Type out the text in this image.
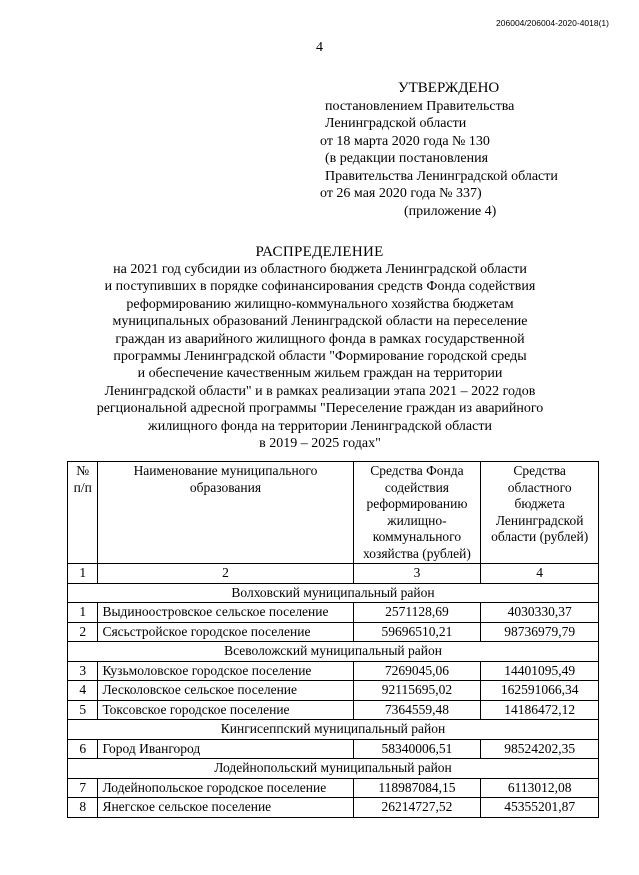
206004/206004-2020-4018(1)
4
УТВЕРЖДЕНО
постановлением Правительства
Ленинградской области
от 18 марта 2020 года № 130
(в редакции постановления
Правительства Ленинградской области
от 26 мая 2020 года № 337)
(приложение 4)
РАСПРЕДЕЛЕНИЕ
на 2021 год субсидии из областного бюджета Ленинградской области
и поступивших в порядке софинансирования средств Фонда содействия
реформированию жилищно-коммунального хозяйства бюджетам
муниципальных образований Ленинградской области на переселение
граждан из аварийного жилищного фонда в рамках государственной
программы Ленинградской области "Формирование городской среды
и обеспечение качественным жильем граждан на территории
Ленинградской области" и в рамках реализации этапа 2021 – 2022 годов
регциональной адресной программы "Переселение граждан из аварийного
жилищного фонда на территории Ленинградской области
в 2019 – 2025 годах"
№ п/п	Наименование муниципального образования	Средства Фонда содействия реформированию жилищно-коммунального хозяйства (рублей)	Средства областного бюджета Ленинградской области (рублей)
1	2	3	4
Волховский муниципальный район			
1	Выдиноостровское сельское поселение	2571128,69	4030330,37
2	Сясьстройское городское поселение	59696510,21	98736979,79
Всеволожский муниципальный район			
3	Кузьмоловское городское поселение	7269045,06	14401095,49
4	Лесколовское сельское поселение	92115695,02	162591066,34
5	Токсовское городское поселение	7364559,48	14186472,12
Кингисеппский муниципальный район			
6	Город Ивангород	58340006,51	98524202,35
Лодейнопольский муниципальный район			
7	Лодейнопольское городское поселение	118987084,15	6113012,08
8	Янегское сельское поселение	26214727,52	45355201,87
